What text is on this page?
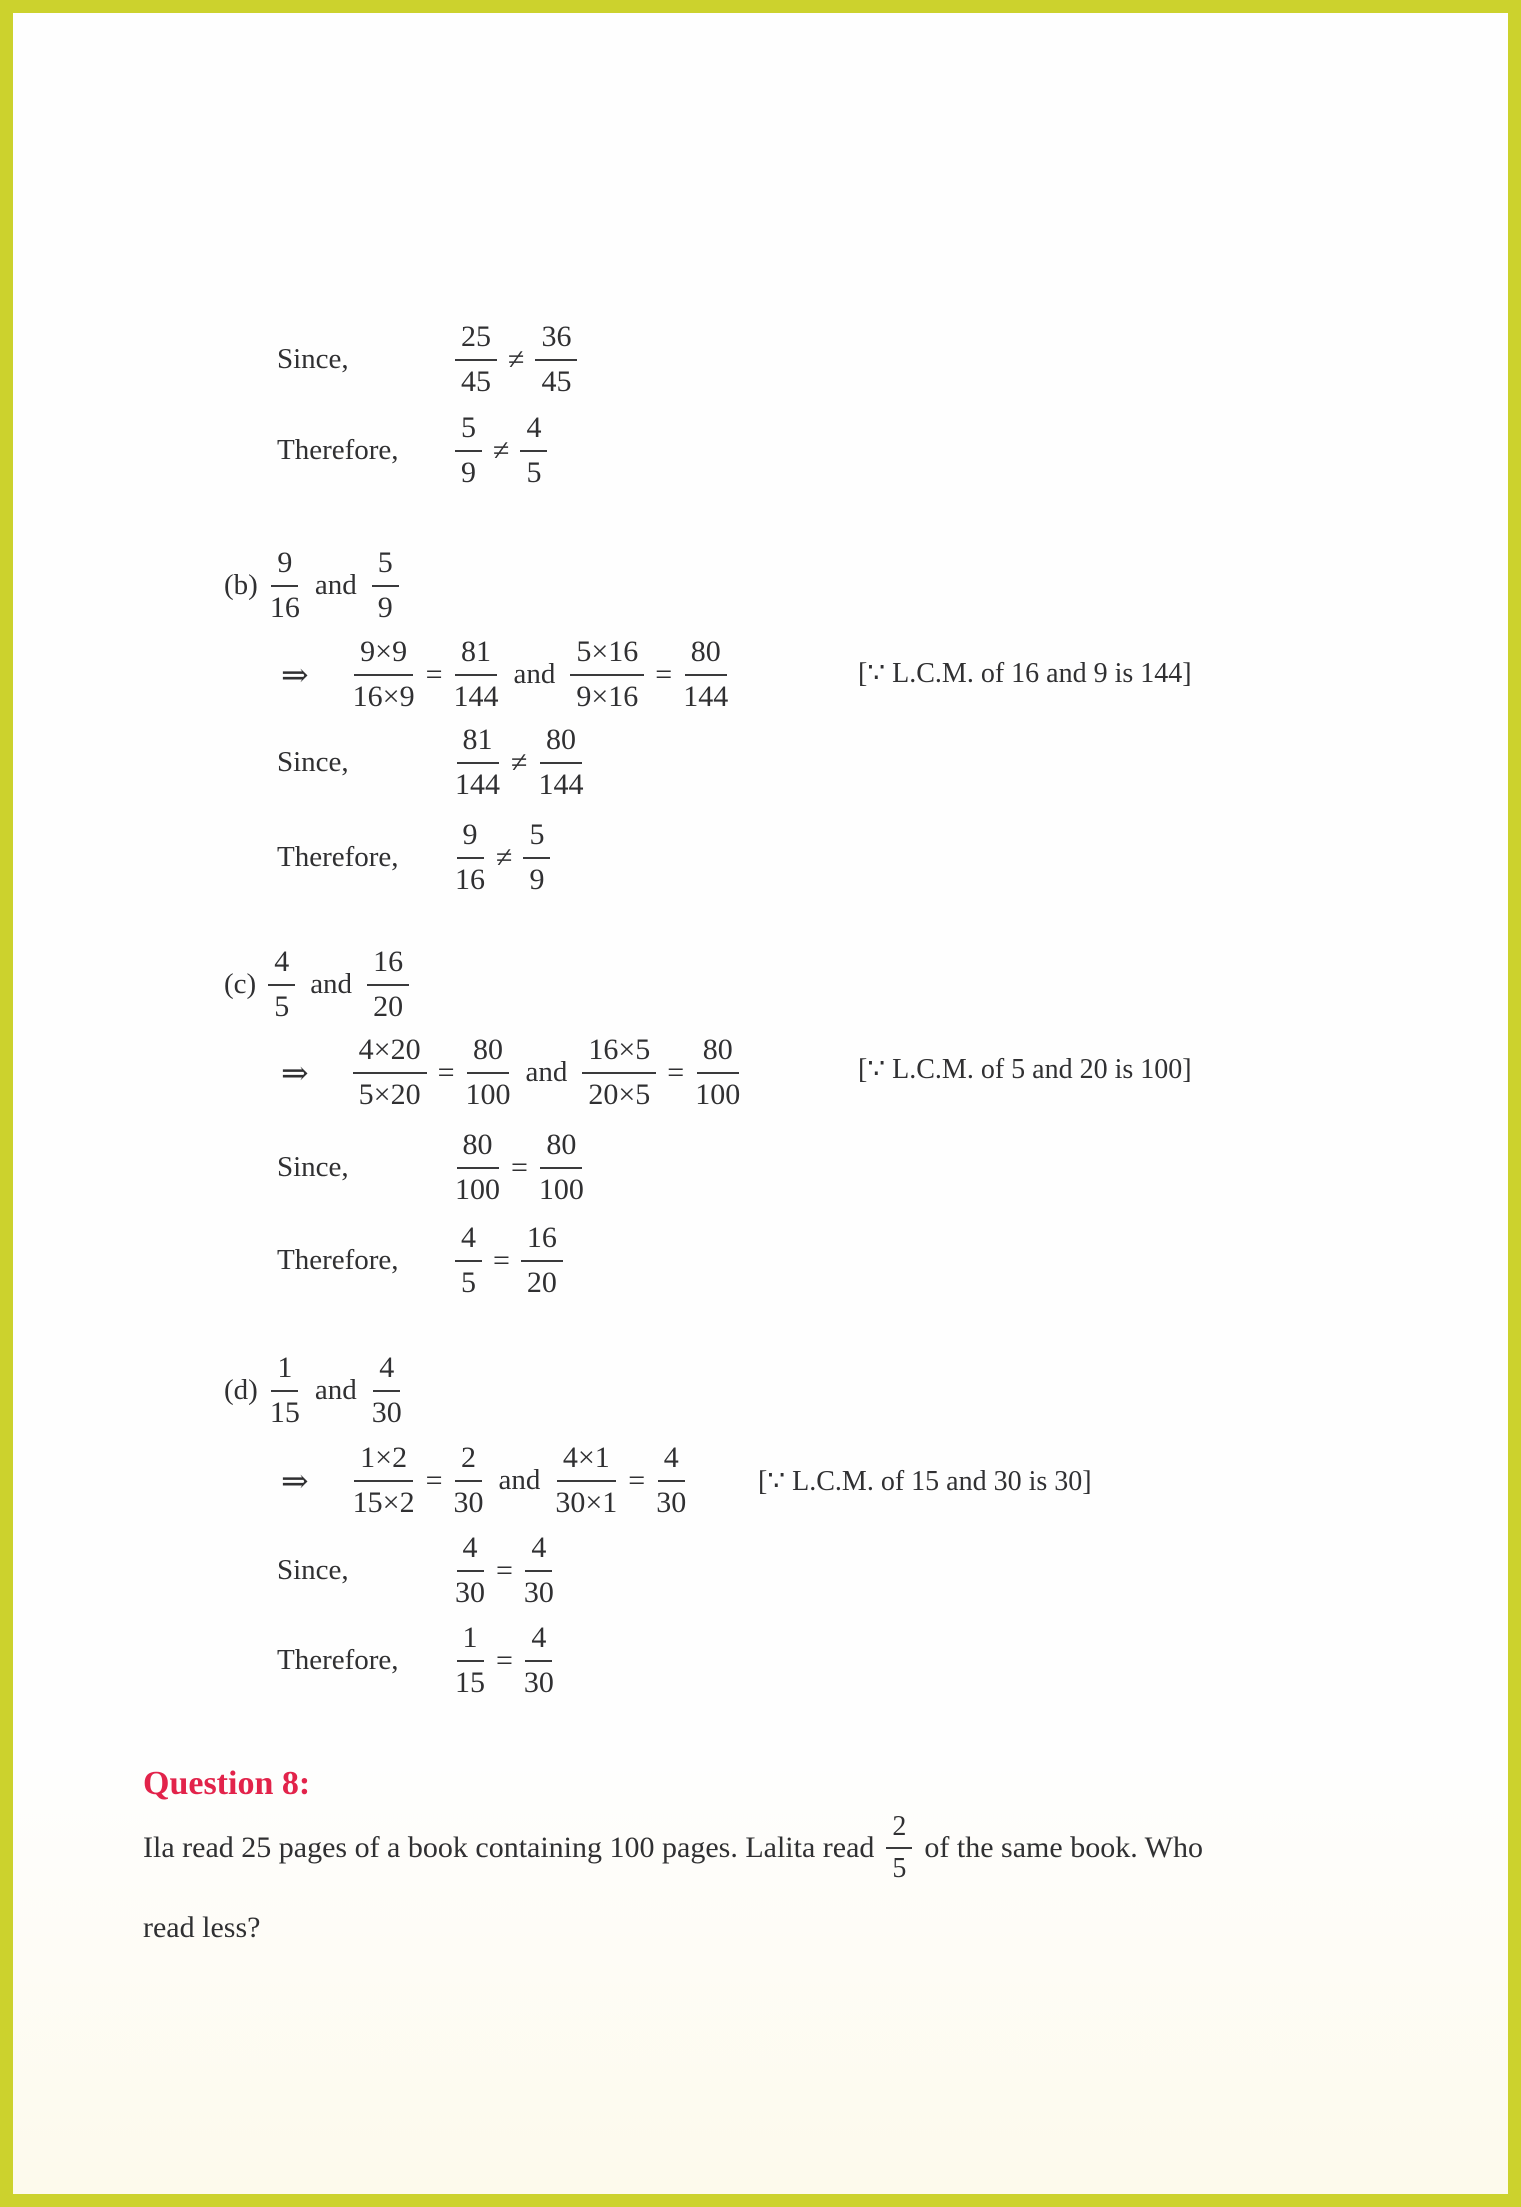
Since,	$\frac{25}{45} \ne \frac{36}{45}$
Therefore,	$\frac{5}{9} \ne \frac{4}{5}$
$(b) \frac{9}{16}$ and $\frac{5}{9}$
⇒ $\frac{9\times 9}{16\times 9} = \frac{81}{144}$ and $\frac{5\times 16}{9\times 16} = \frac{80}{144}$	[∵ L.C.M. of 16 and 9 is 144]
Since,	$\frac{81}{144} \ne \frac{80}{144}$
Therefore,	$\frac{9}{16} \ne \frac{5}{9}$
$(c) \frac{4}{5}$ and $\frac{16}{20}$
⇒ $\frac{4\times 20}{5\times 20} = \frac{80}{100}$ and $\frac{16\times 5}{20\times 5} = \frac{80}{100}$	[∵ L.C.M. of 5 and 20 is 100]
Since,	$\frac{80}{100} = \frac{80}{100}$
Therefore,	$\frac{4}{5} = \frac{16}{20}$
$(d) \frac{1}{15}$ and $\frac{4}{30}$
⇒ $\frac{1\times 2}{15\times 2} = \frac{2}{30}$ and $\frac{4\times 1}{30\times 1} = \frac{4}{30}$	[∵ L.C.M. of 15 and 30 is 30]
Since,	$\frac{4}{30} = \frac{4}{30}$
Therefore,	$\frac{1}{15} = \frac{4}{30}$
Question 8:
Ila read 25 pages of a book containing 100 pages. Lalita read $\frac{2}{5}$ of the same book. Who
read less?
